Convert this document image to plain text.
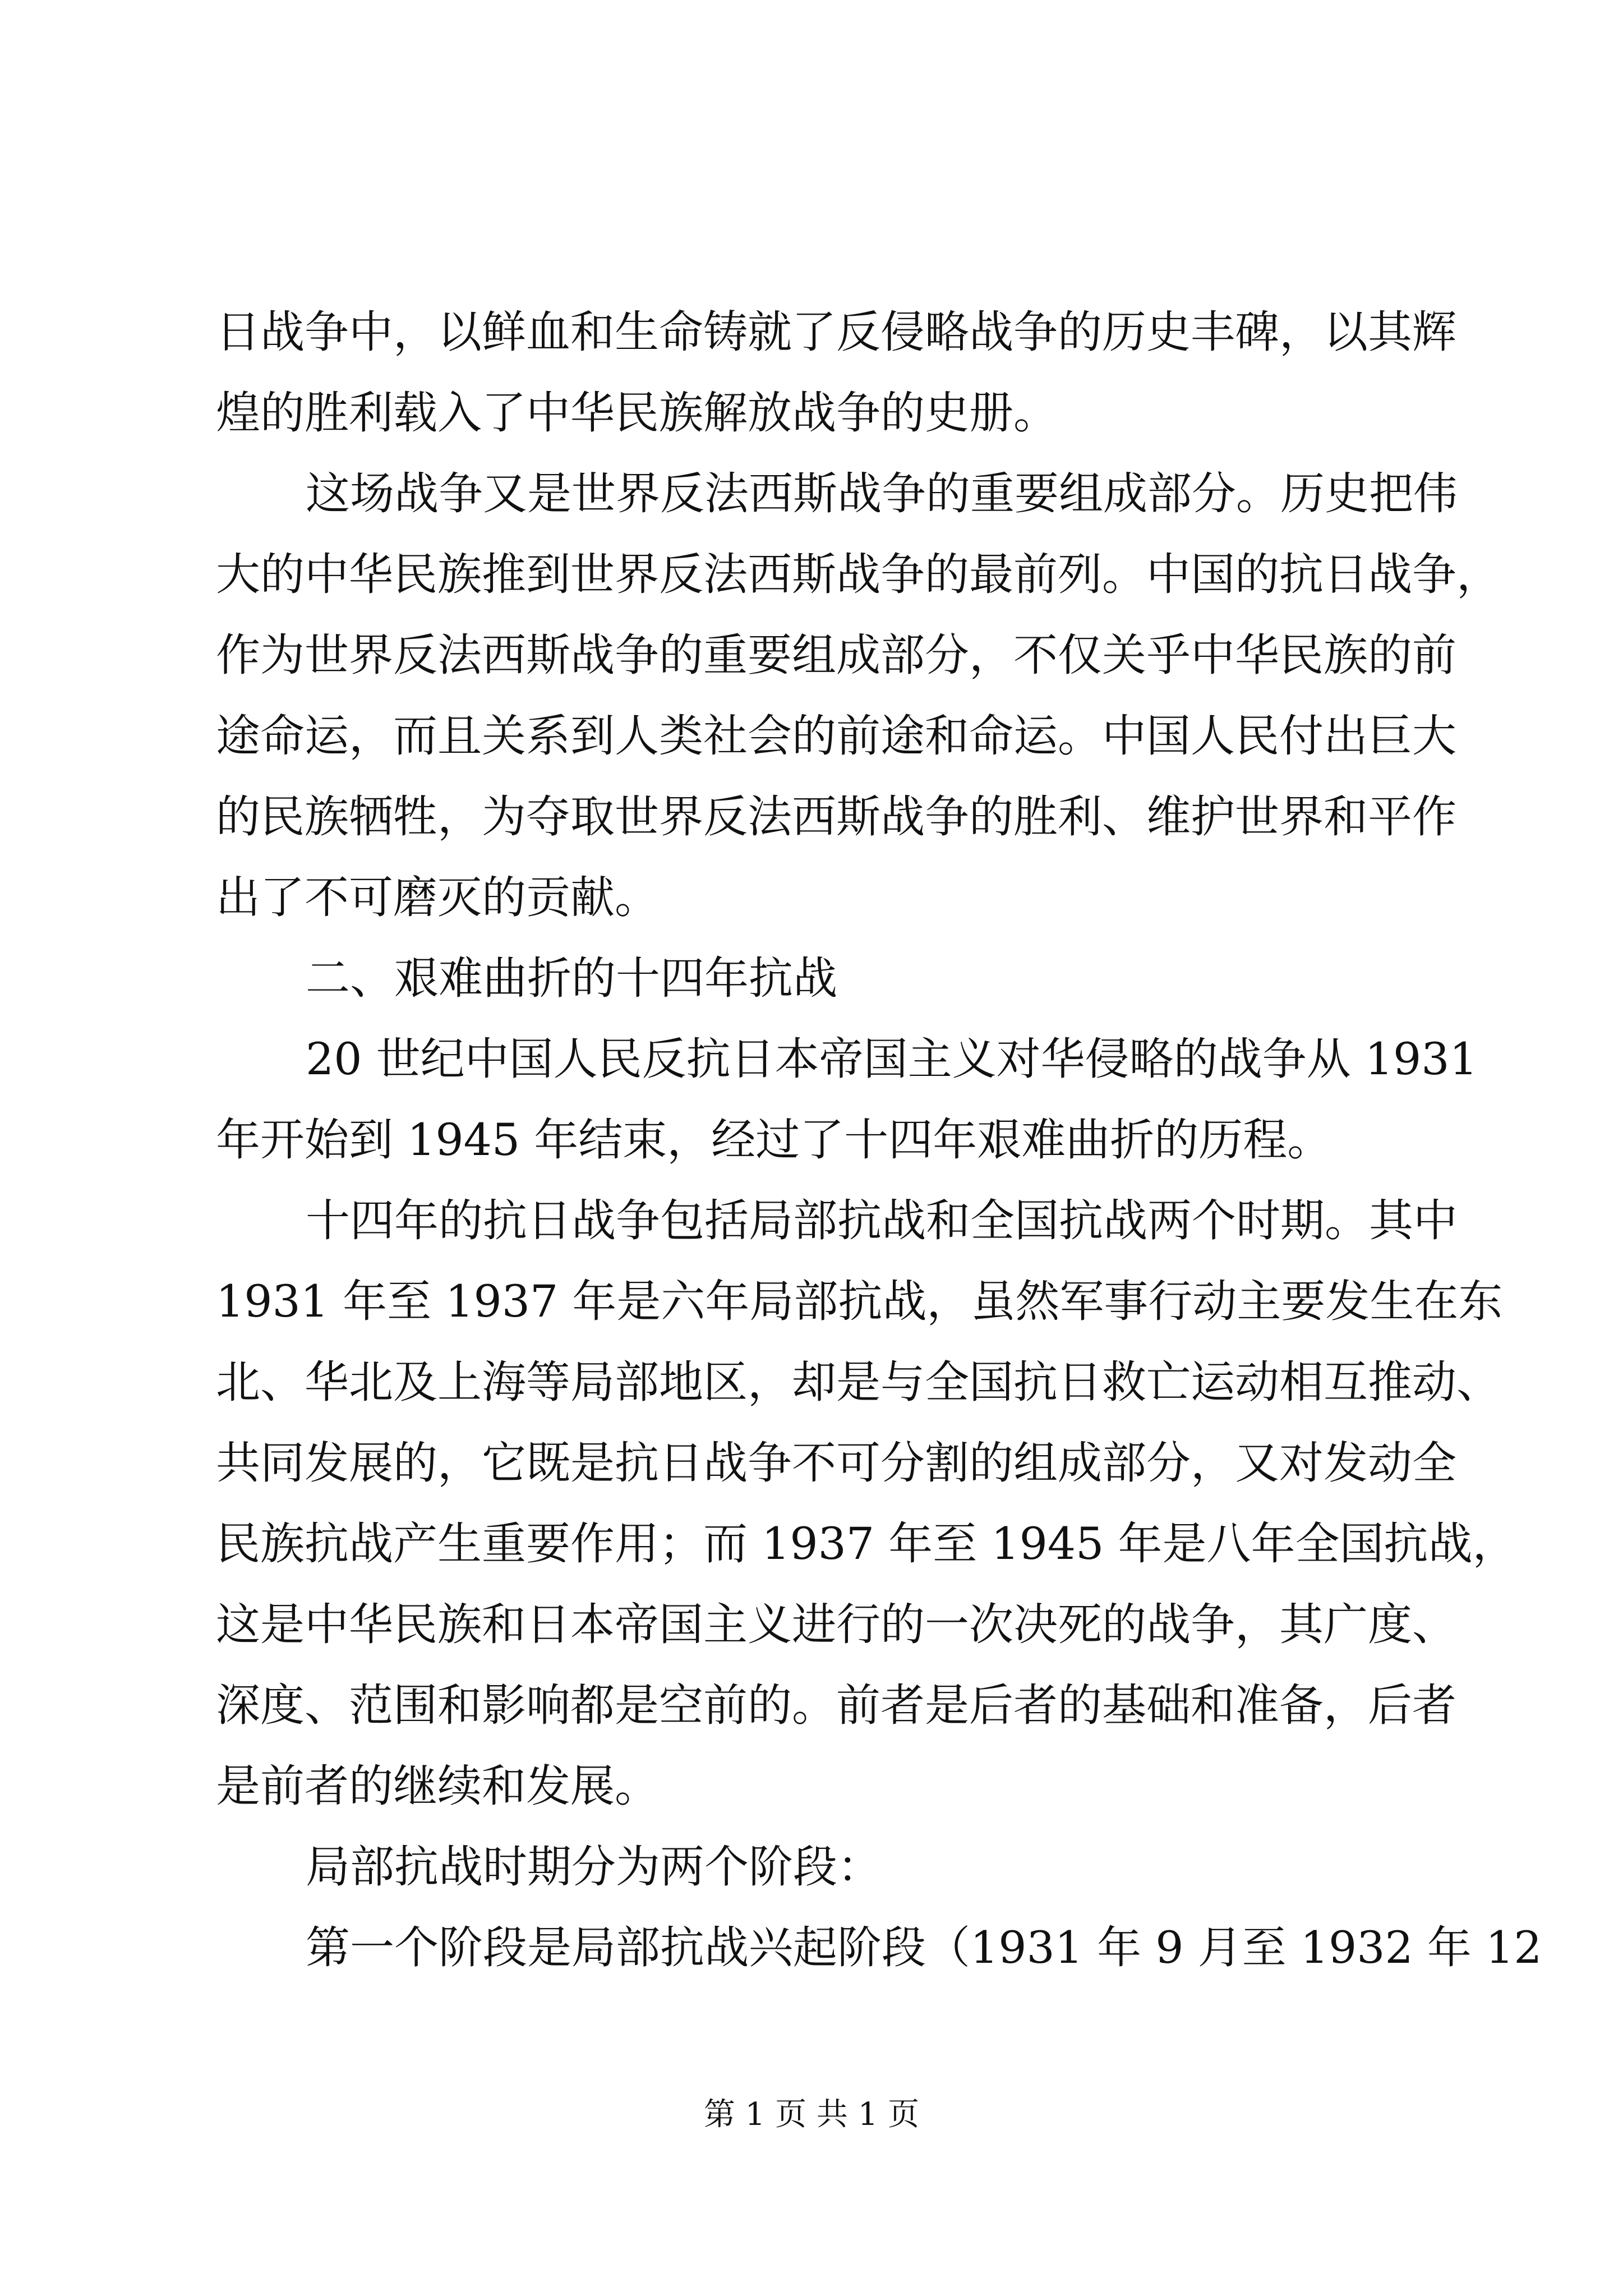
日战争中，以鲜血和生命铸就了反侵略战争的历史丰碑，以其辉
煌的胜利载入了中华民族解放战争的史册。
这场战争又是世界反法西斯战争的重要组成部分。历史把伟
大的中华民族推到世界反法西斯战争的最前列。中国的抗日战争，
作为世界反法西斯战争的重要组成部分，不仅关乎中华民族的前
途命运，而且关系到人类社会的前途和命运。中国人民付出巨大
的民族牺牲，为夺取世界反法西斯战争的胜利、维护世界和平作
出了不可磨灭的贡献。
二、艰难曲折的十四年抗战
20 世纪中国人民反抗日本帝国主义对华侵略的战争从 1931
年开始到 1945 年结束，经过了十四年艰难曲折的历程。
十四年的抗日战争包括局部抗战和全国抗战两个时期。其中
1931 年至 1937 年是六年局部抗战，虽然军事行动主要发生在东
北、华北及上海等局部地区，却是与全国抗日救亡运动相互推动、
共同发展的，它既是抗日战争不可分割的组成部分，又对发动全
民族抗战产生重要作用；而 1937 年至 1945 年是八年全国抗战，
这是中华民族和日本帝国主义进行的一次决死的战争，其广度、
深度、范围和影响都是空前的。前者是后者的基础和准备，后者
是前者的继续和发展。
局部抗战时期分为两个阶段：
第一个阶段是局部抗战兴起阶段（1931 年 9 月至 1932 年 12
第 1 页 共 1 页
